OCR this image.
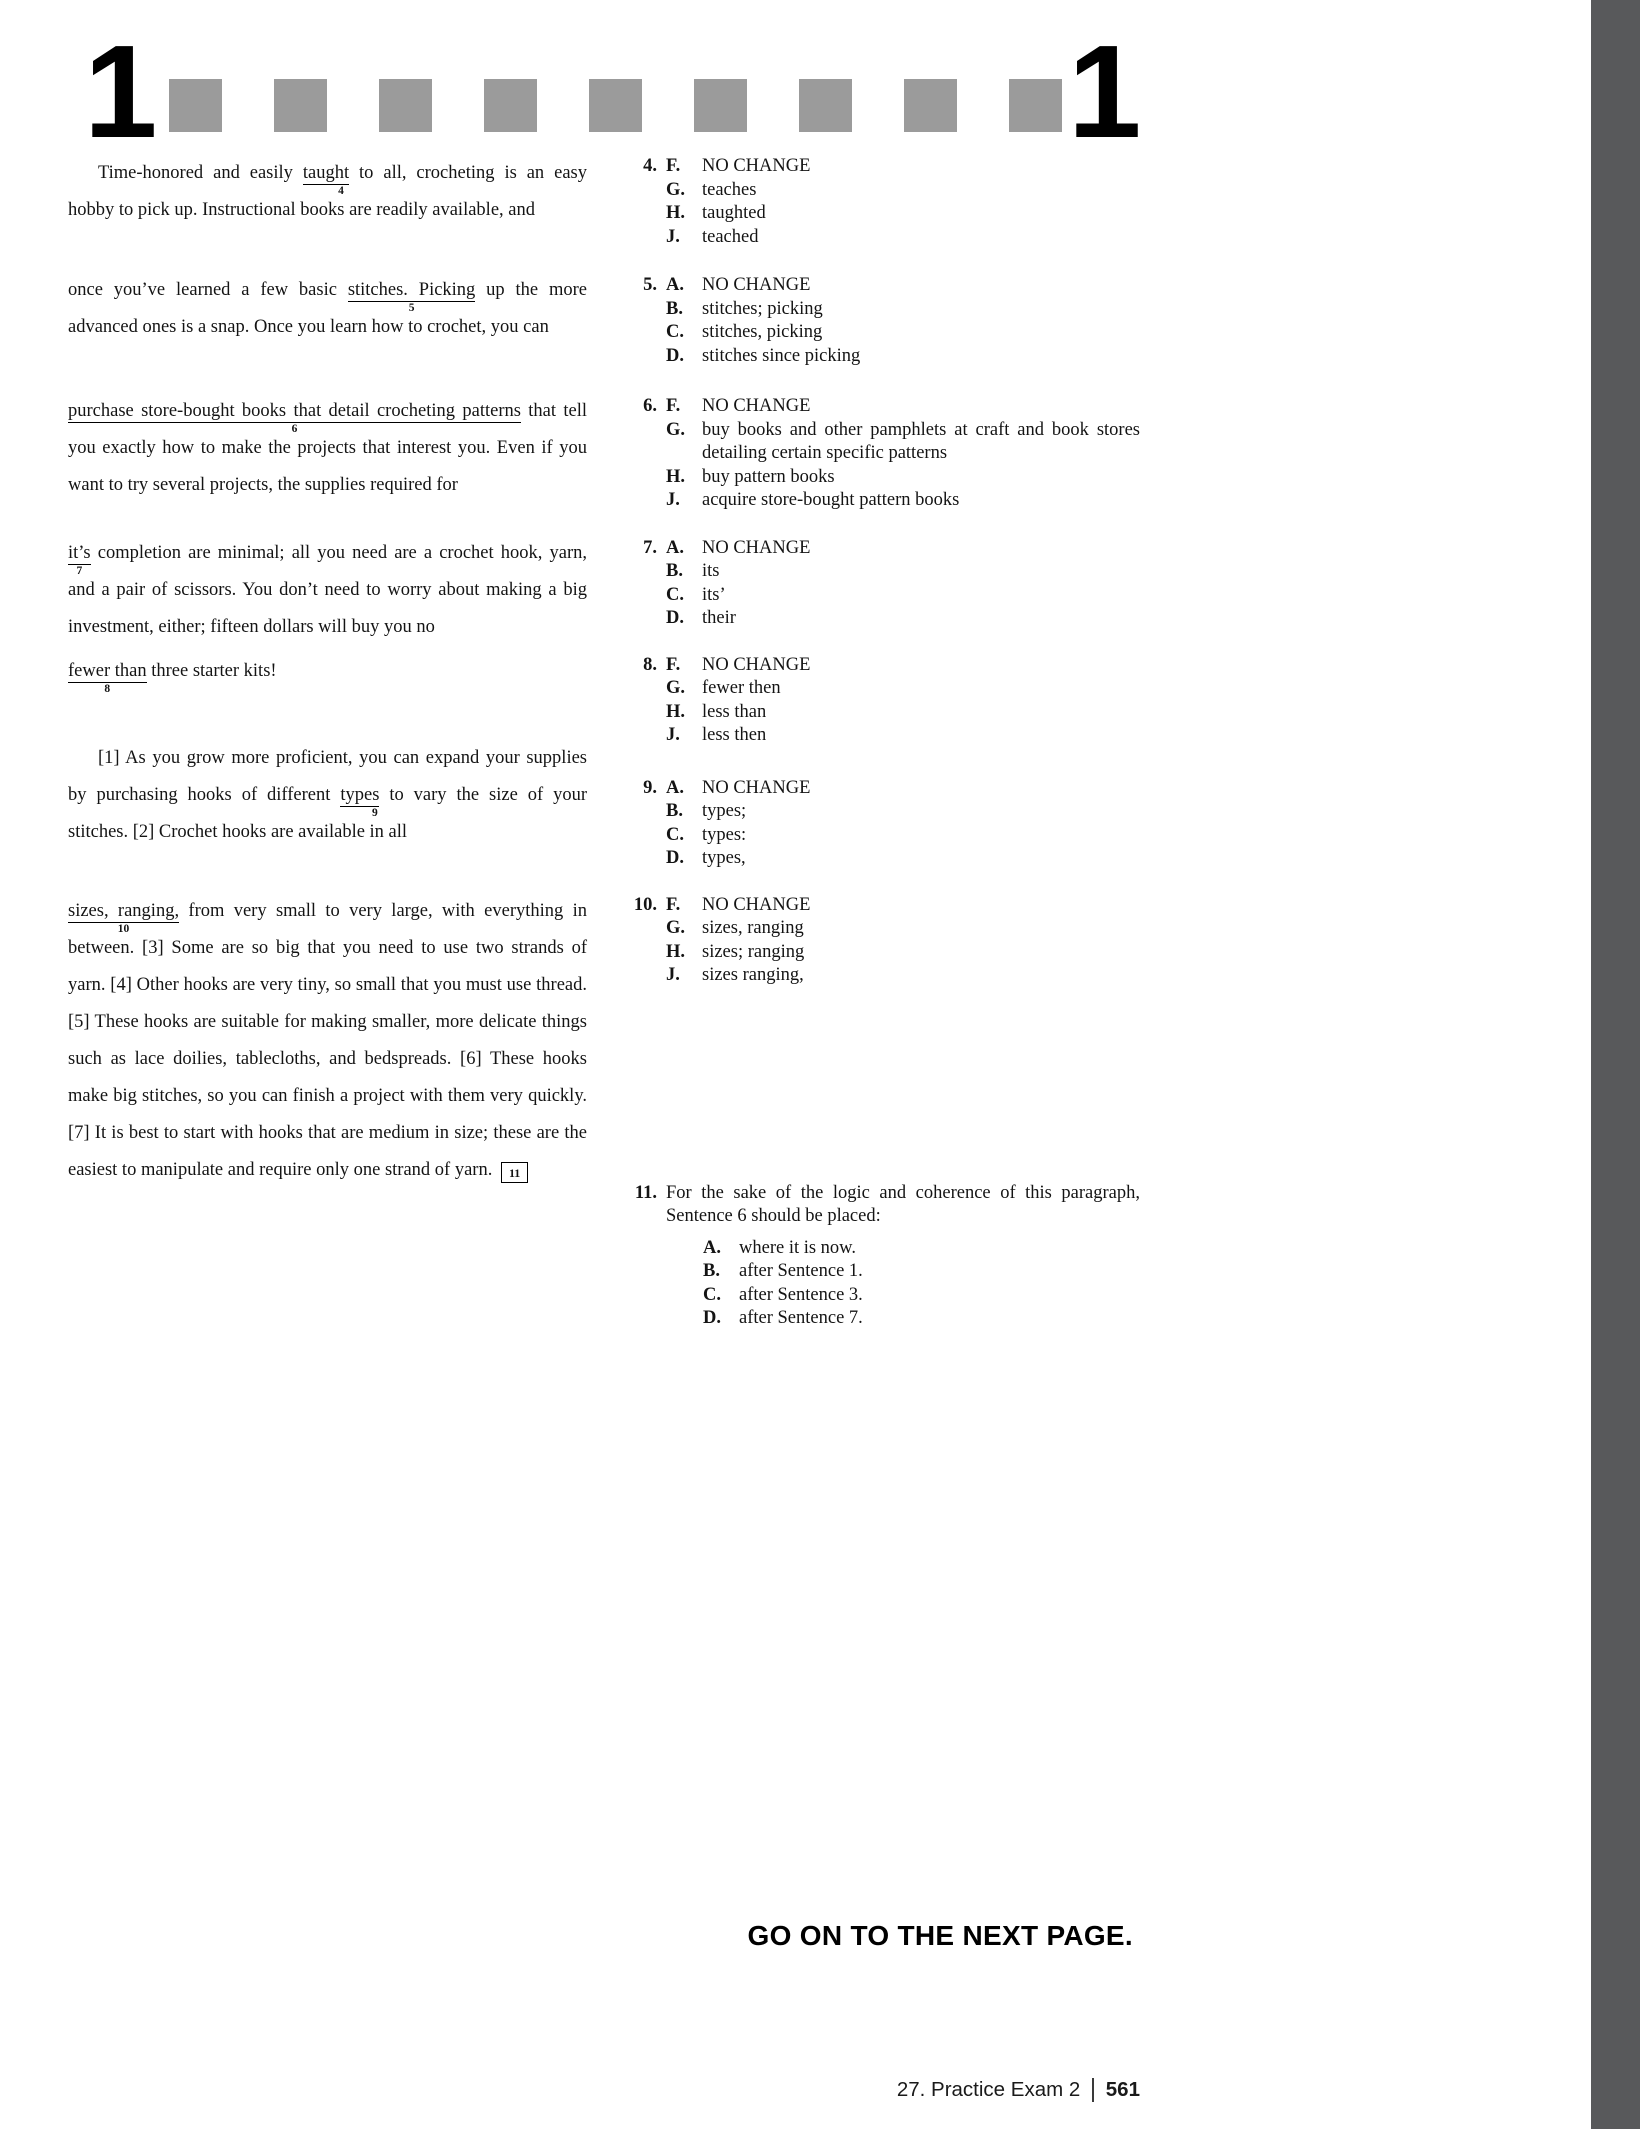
1	1

Time-honored and easily taught
4
to all, crocheting is an easy hobby to pick up. Instructional books are readily available, and

once you’ve learned a few basic stitches. Picking
5
up the more advanced ones is a snap. Once you learn how to crochet, you can

purchase store-bought books that detail crocheting patterns
6
that tell you exactly how to make the projects that interest you. Even if you want to try several projects, the supplies required for

it’s
7
completion are minimal; all you need are a crochet hook, yarn, and a pair of scissors. You don’t need to worry about making a big investment, either; fifteen dollars will buy you no

fewer than
8
three starter kits!

[1] As you grow more proficient, you can expand your supplies by purchasing hooks of different types
9
to vary the size of your stitches. [2] Crochet hooks are available in all

sizes, ranging,
10
from very small to very large, with everything in between. [3] Some are so big that you need to use two strands of yarn. [4] Other hooks are very tiny, so small that you must use thread. [5] These hooks are suitable for making smaller, more delicate things such as lace doilies, tablecloths, and bedspreads. [6] These hooks make big stitches, so you can finish a project with them very quickly. [7] It is best to start with hooks that are medium in size; these are the easiest to manipulate and require only one strand of yarn. 11

4. F.	NO CHANGE
G. teaches
H. taughted
J.	teached
5. A. NO CHANGE
B.	stitches; picking
C. stitches, picking
D. stitches since picking
6. F.	NO CHANGE
G. buy books and other pamphlets at craft and book stores detailing certain specific patterns
H. buy pattern books
J.	acquire store-bought pattern books
7. A. NO CHANGE
B.	its
C. its’
D. their
8. F.	NO CHANGE
G. fewer then
H. less than
J.	less then
9. A. NO CHANGE
B.	types;
C. types:
D. types,
10. F.	NO CHANGE
G. sizes, ranging
H. sizes; ranging
J.	sizes ranging,
11. For the sake of the logic and coherence of this paragraph, Sentence 6 should be placed:
A. where it is now.
B.	after Sentence 1.
C. after Sentence 3.
D. after Sentence 7.
GO ON TO THE NEXT PAGE.
27. Practice Exam 2 561
